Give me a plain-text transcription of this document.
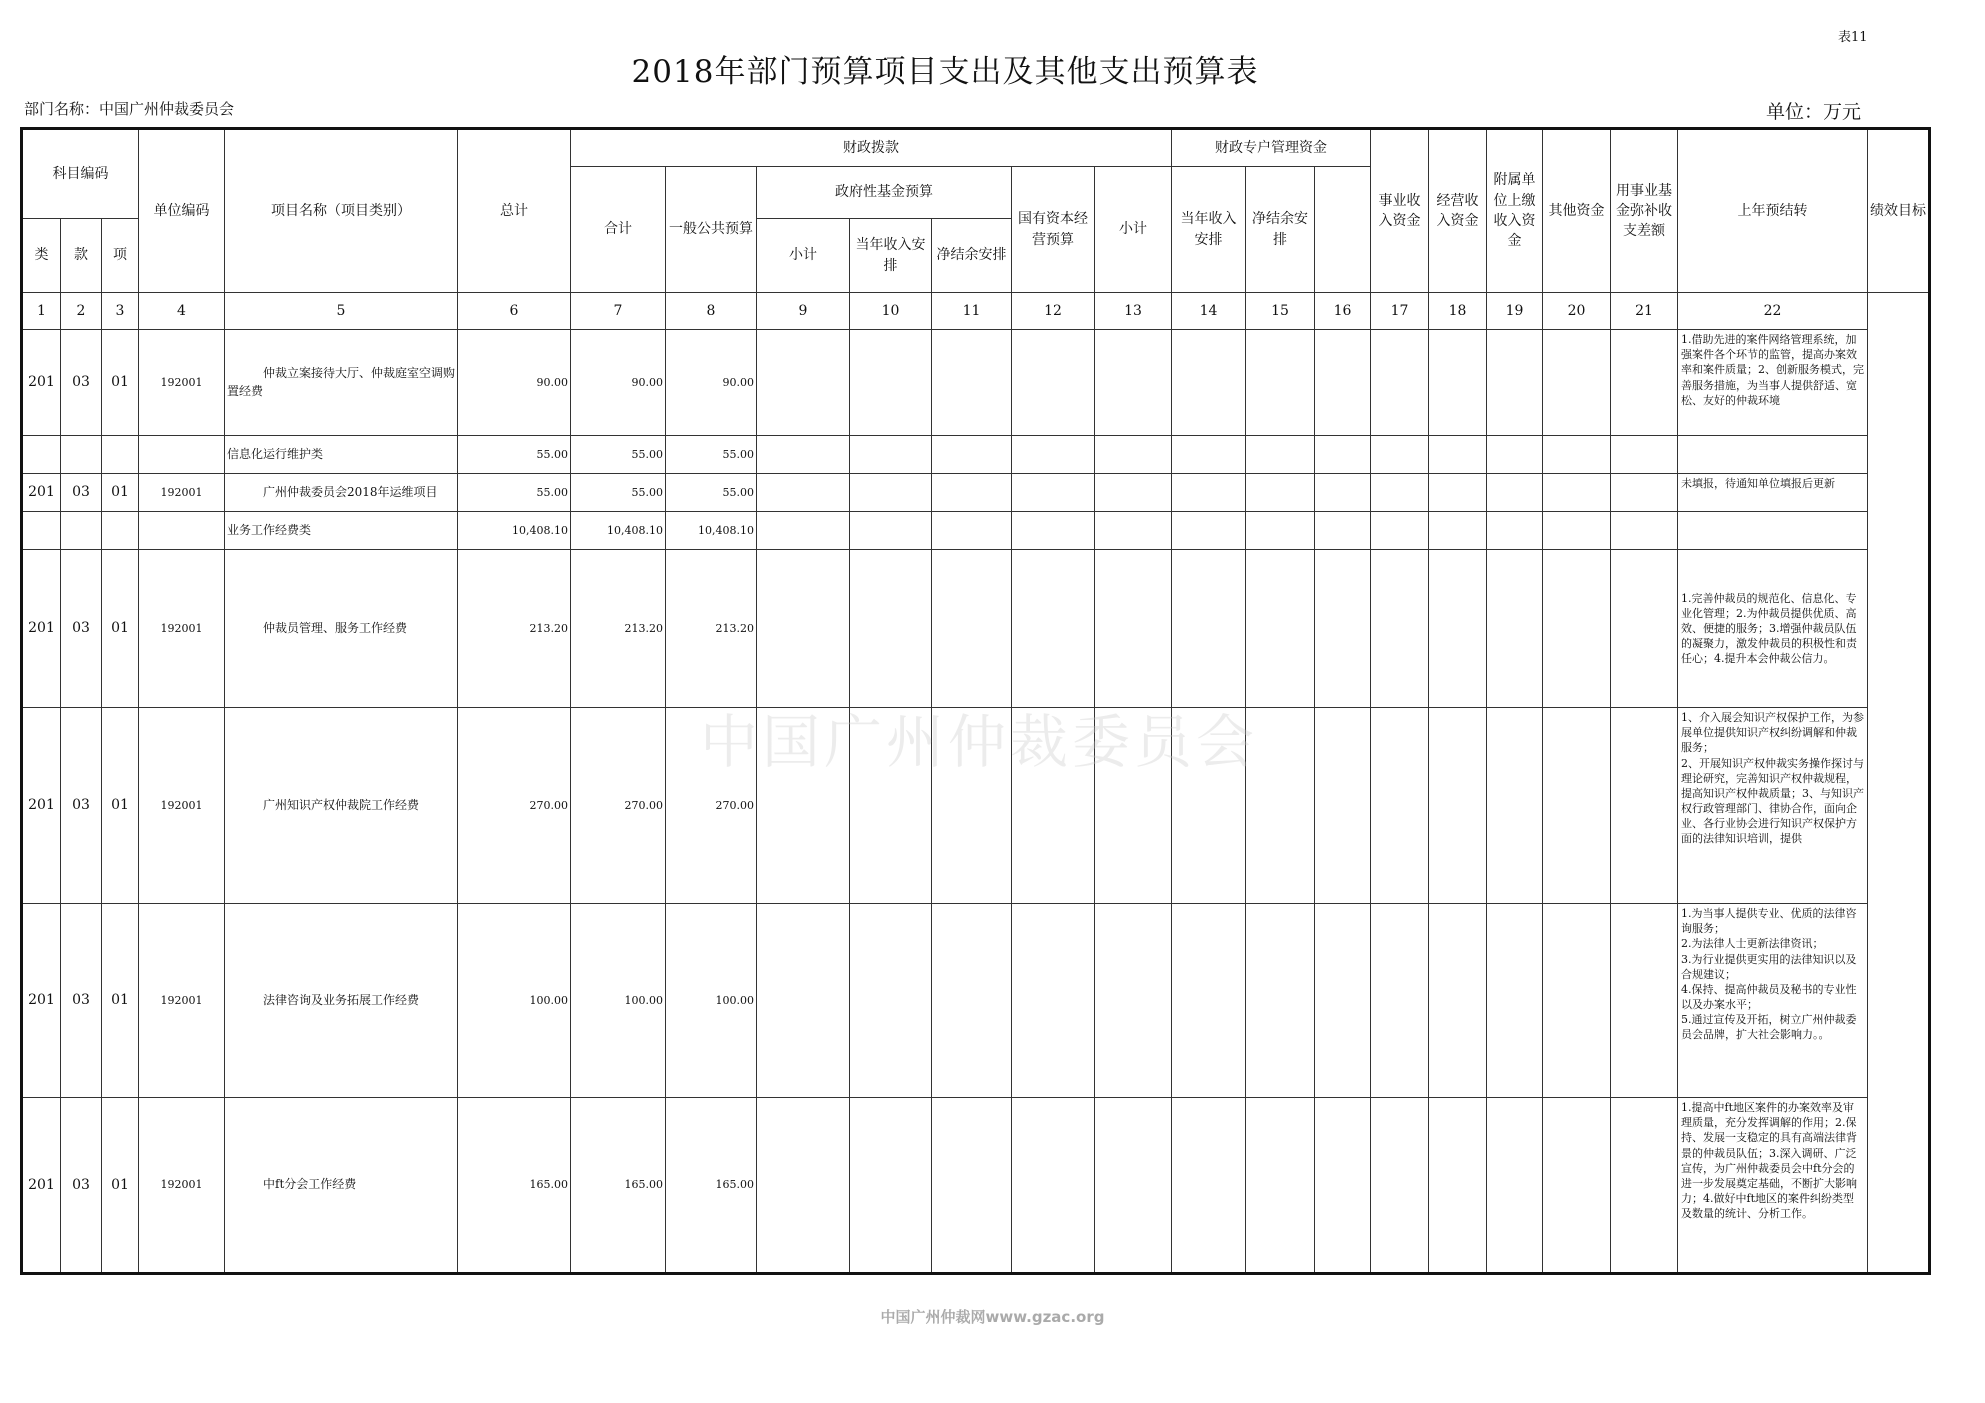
表11
2018年部门预算项目支出及其他支出预算表
部门名称：中国广州仲裁委员会	单位：万元
科目编码			单位编码	项目名称（项目类别）	总计	财政拨款							财政专户管理资金			事业收入资金	经营收入资金	附属单位上缴收入资金	其他资金	用事业基金弥补收支差额	上年预结转	绩效目标
						合计	一般公共预算	政府性基金预算			国有资本经营预算	小计	当年收入安排	净结余安排								
类	款	项						小计	当年收入安排	净结余安排												
1	2	3	4	5	6	7	8	9	10	11	12	13	14	15	16	17	18	19	20	21	22	
201	03	01	192001	仲裁立案接待大厅、仲裁庭室空调购置经费	90.00	90.00	90.00														1.借助先进的案件网络管理系统，加强案件各个环节的监管，提高办案效率和案件质量；2、创新服务模式，完善服务措施，为当事人提供舒适、宽松、友好的仲裁环境	
				信息化运行维护类	55.00	55.00	55.00															
201	03	01	192001	广州仲裁委员会2018年运维项目	55.00	55.00	55.00														未填报，待通知单位填报后更新	
				业务工作经费类	10,408.10	10,408.10	10,408.10															
201	03	01	192001	仲裁员管理、服务工作经费	213.20	213.20	213.20														1.完善仲裁员的规范化、信息化、专业化管理；2.为仲裁员提供优质、高效、便捷的服务；3.增强仲裁员队伍的凝聚力，激发仲裁员的积极性和责任心；4.提升本会仲裁公信力。	
201	03	01	192001	广州知识产权仲裁院工作经费	270.00	270.00	270.00														1、介入展会知识产权保护工作，为参展单位提供知识产权纠纷调解和仲裁服务；
2、开展知识产权仲裁实务操作探讨与理论研究，完善知识产权仲裁规程，提高知识产权仲裁质量；3、与知识产权行政管理部门、律协合作，面向企业、各行业协会进行知识产权保护方面的法律知识培训，提供	
201	03	01	192001	法律咨询及业务拓展工作经费	100.00	100.00	100.00														1.为当事人提供专业、优质的法律咨询服务；
2.为法律人士更新法律资讯；
3.为行业提供更实用的法律知识以及合规建议；
4.保持、提高仲裁员及秘书的专业性以及办案水平；
5.通过宣传及开拓，树立广州仲裁委员会品牌，扩大社会影响力。。	
201	03	01	192001	中ft分会工作经费	165.00	165.00	165.00														1.提高中ft地区案件的办案效率及审理质量，充分发挥调解的作用；2.保持、发展一支稳定的具有高端法律背景的仲裁员队伍；3.深入调研、广泛宣传，为广州仲裁委员会中ft分会的进一步发展奠定基础，不断扩大影响力；4.做好中ft地区的案件纠纷类型及数量的统计、分析工作。	
中国广州仲裁委员会
中国广州仲裁网www.gzac.org
